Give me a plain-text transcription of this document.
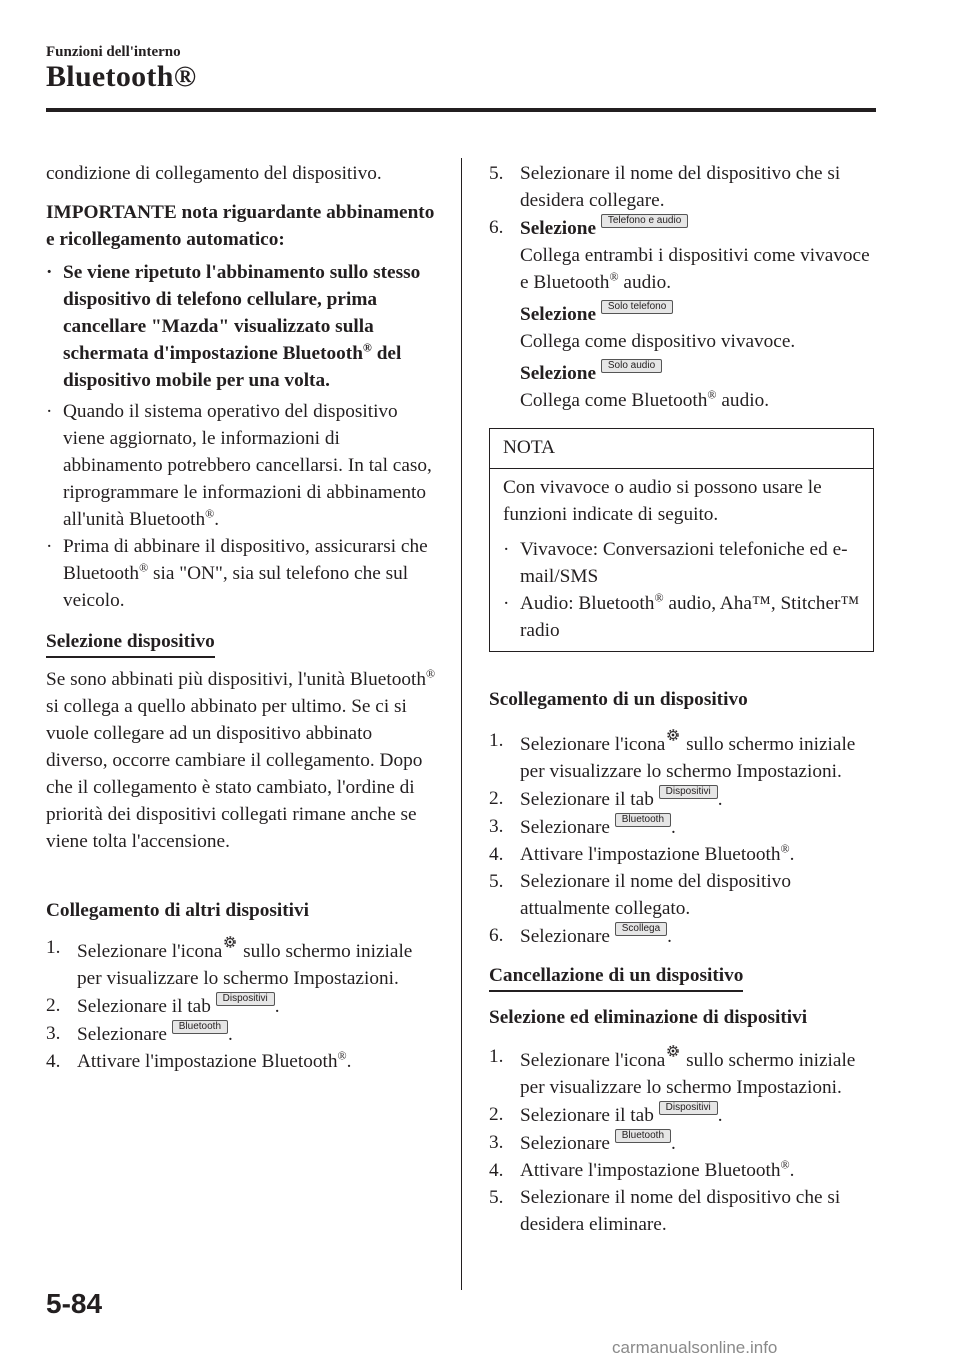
Funzioni dell'interno
Bluetooth®

condizione di collegamento del dispositivo.

IMPORTANTE nota riguardante abbinamento e ricollegamento automatico:

· Se viene ripetuto l'abbinamento sullo stesso dispositivo di telefono cellulare, prima cancellare "Mazda" visualizzato sulla schermata d'impostazione Bluetooth® del dispositivo mobile per una volta.
· Quando il sistema operativo del dispositivo viene aggiornato, le informazioni di abbinamento potrebbero cancellarsi. In tal caso, riprogrammare le informazioni di abbinamento all'unità Bluetooth®.
· Prima di abbinare il dispositivo, assicurarsi che Bluetooth® sia "ON", sia sul telefono che sul veicolo.

Selezione dispositivo

Se sono abbinati più dispositivi, l'unità Bluetooth® si collega a quello abbinato per ultimo. Se ci si vuole collegare ad un dispositivo abbinato diverso, occorre cambiare il collegamento. Dopo che il collegamento è stato cambiato, l'ordine di priorità dei dispositivi collegati rimane anche se viene tolta l'accensione.

Collegamento di altri dispositivi

1. Selezionare l'icona sullo schermo iniziale per visualizzare lo schermo Impostazioni.
2. Selezionare il tab Dispositivi .
3. Selezionare Bluetooth .
4. Attivare l'impostazione Bluetooth®.
5. Selezionare il nome del dispositivo che si desidera collegare.
6. Selezione Telefono e audio

Collega entrambi i dispositivi come vivavoce e Bluetooth® audio.

Selezione Solo telefono

Collega come dispositivo vivavoce.

Selezione Solo audio

Collega come Bluetooth® audio.

NOTA

Con vivavoce o audio si possono usare le funzioni indicate di seguito.

· Vivavoce: Conversazioni telefoniche ed e-mail/SMS
· Audio: Bluetooth® audio, Aha™, Stitcher™ radio

Scollegamento di un dispositivo

1. Selezionare l'icona sullo schermo iniziale per visualizzare lo schermo Impostazioni.
2. Selezionare il tab Dispositivi .
3. Selezionare Bluetooth .
4. Attivare l'impostazione Bluetooth®.
5. Selezionare il nome del dispositivo attualmente collegato.
6. Selezionare Scollega .

Cancellazione di un dispositivo

Selezione ed eliminazione di dispositivi

1. Selezionare l'icona sullo schermo iniziale per visualizzare lo schermo Impostazioni.
2. Selezionare il tab Dispositivi .
3. Selezionare Bluetooth .
4. Attivare l'impostazione Bluetooth®.
5. Selezionare il nome del dispositivo che si desidera eliminare.
5-84
carmanualsonline.info
